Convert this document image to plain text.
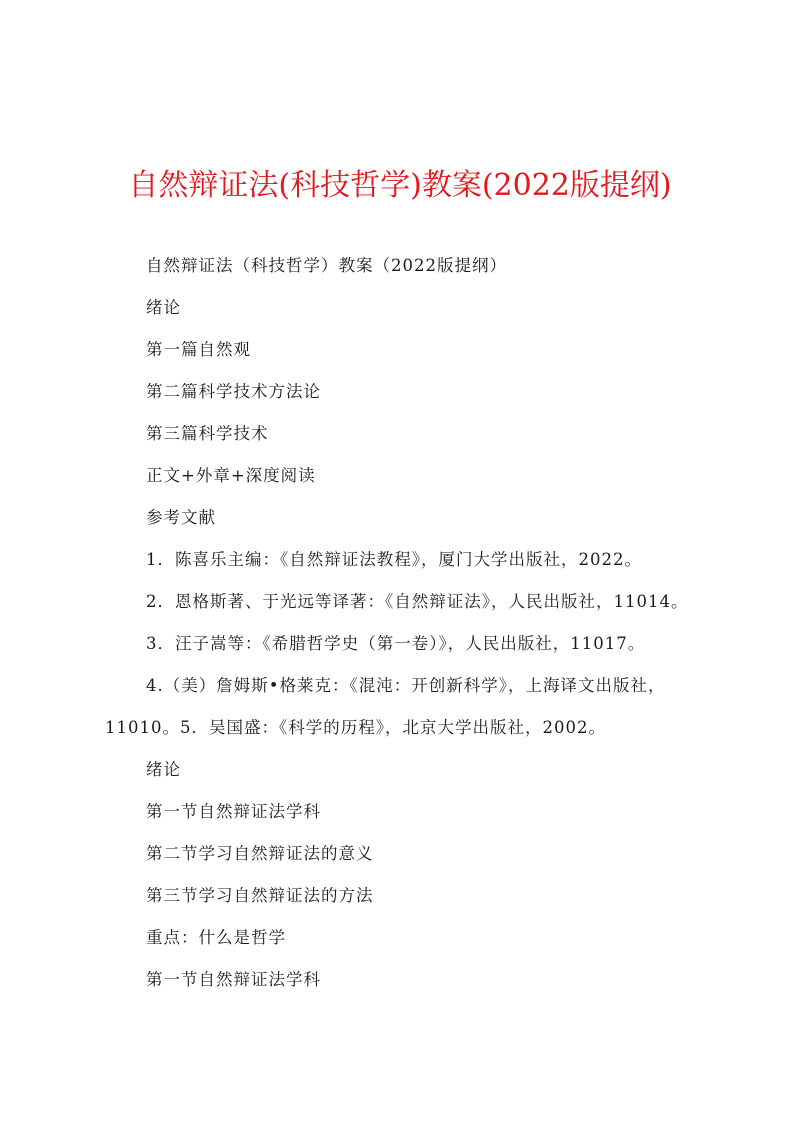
自然辩证法(科技哲学)教案(2022版提纲)

自然辩证法（科技哲学）教案（2022版提纲）

绪论

第一篇自然观

第二篇科学技术方法论

第三篇科学技术

正文+外章+深度阅读

参考文献

1．陈喜乐主编：《自然辩证法教程》，厦门大学出版社，2022。

2．恩格斯著、于光远等译著：《自然辩证法》，人民出版社，11014。

3．汪子嵩等：《希腊哲学史（第一卷）》，人民出版社，11017。

4.（美）詹姆斯•格莱克：《混沌：开创新科学》，上海译文出版社，11010。5．吴国盛：《科学的历程》，北京大学出版社，2002。

绪论

第一节自然辩证法学科

第二节学习自然辩证法的意义

第三节学习自然辩证法的方法

重点：什么是哲学

第一节自然辩证法学科
